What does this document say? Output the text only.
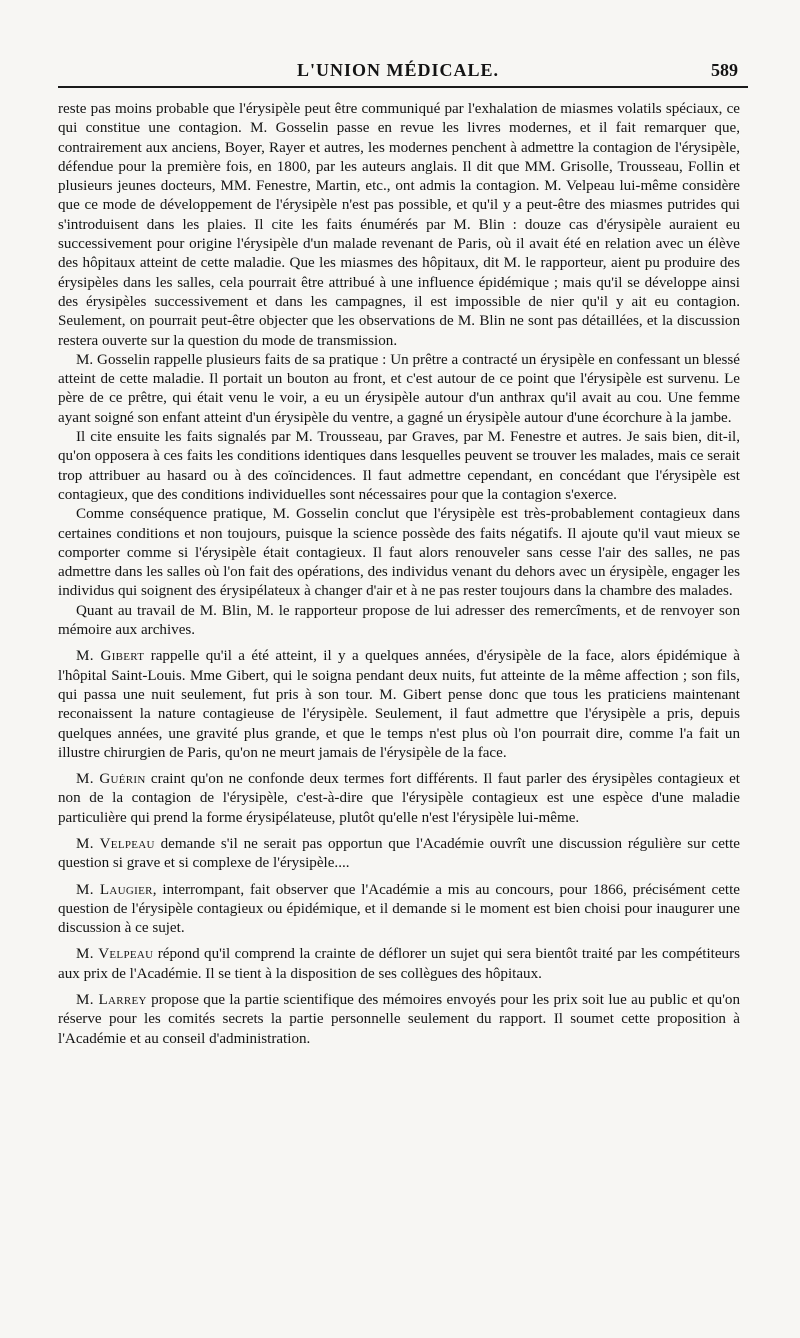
L'UNION MÉDICALE.	589

reste pas moins probable que l'érysipèle peut être communiqué par l'exhalation de miasmes volatils spéciaux, ce qui constitue une contagion. M. Gosselin passe en revue les livres modernes, et il fait remarquer que, contrairement aux anciens, Boyer, Rayer et autres, les modernes penchent à admettre la contagion de l'érysipèle, défendue pour la première fois, en 1800, par les auteurs anglais. Il dit que MM. Grisolle, Trousseau, Follin et plusieurs jeunes docteurs, MM. Fenestre, Martin, etc., ont admis la contagion. M. Velpeau lui-même considère que ce mode de développement de l'érysipèle n'est pas possible, et qu'il y a peut-être des miasmes putrides qui s'introduisent dans les plaies. Il cite les faits énumérés par M. Blin : douze cas d'érysipèle auraient eu successivement pour origine l'érysipèle d'un malade revenant de Paris, où il avait été en relation avec un élève des hôpitaux atteint de cette maladie. Que les miasmes des hôpitaux, dit M. le rapporteur, aient pu produire des érysipèles dans les salles, cela pourrait être attribué à une influence épidémique ; mais qu'il se développe ainsi des érysipèles successivement et dans les campagnes, il est impossible de nier qu'il y ait eu contagion. Seulement, on pourrait peut-être objecter que les observations de M. Blin ne sont pas détaillées, et la discussion restera ouverte sur la question du mode de transmission.

M. Gosselin rappelle plusieurs faits de sa pratique : Un prêtre a contracté un érysipèle en confessant un blessé atteint de cette maladie. Il portait un bouton au front, et c'est autour de ce point que l'érysipèle est survenu. Le père de ce prêtre, qui était venu le voir, a eu un érysipèle autour d'un anthrax qu'il avait au cou. Une femme ayant soigné son enfant atteint d'un érysipèle du ventre, a gagné un érysipèle autour d'une écorchure à la jambe.

Il cite ensuite les faits signalés par M. Trousseau, par Graves, par M. Fenestre et autres. Je sais bien, dit-il, qu'on opposera à ces faits les conditions identiques dans lesquelles peuvent se trouver les malades, mais ce serait trop attribuer au hasard ou à des coïncidences. Il faut admettre cependant, en concédant que l'érysipèle est contagieux, que des conditions individuelles sont nécessaires pour que la contagion s'exerce.

Comme conséquence pratique, M. Gosselin conclut que l'érysipèle est très-probablement contagieux dans certaines conditions et non toujours, puisque la science possède des faits négatifs. Il ajoute qu'il vaut mieux se comporter comme si l'érysipèle était contagieux. Il faut alors renouveler sans cesse l'air des salles, ne pas admettre dans les salles où l'on fait des opérations, des individus venant du dehors avec un érysipèle, engager les individus qui soignent des érysipélateux à changer d'air et à ne pas rester toujours dans la chambre des malades.

Quant au travail de M. Blin, M. le rapporteur propose de lui adresser des remercîments, et de renvoyer son mémoire aux archives.

M. Gibert rappelle qu'il a été atteint, il y a quelques années, d'érysipèle de la face, alors épidémique à l'hôpital Saint-Louis. Mme Gibert, qui le soigna pendant deux nuits, fut atteinte de la même affection ; son fils, qui passa une nuit seulement, fut pris à son tour. M. Gibert pense donc que tous les praticiens maintenant reconaissent la nature contagieuse de l'érysipèle. Seulement, il faut admettre que l'érysipèle a pris, depuis quelques années, une gravité plus grande, et que le temps n'est plus où l'on pourrait dire, comme l'a fait un illustre chirurgien de Paris, qu'on ne meurt jamais de l'érysipèle de la face.

M. Guérin craint qu'on ne confonde deux termes fort différents. Il faut parler des érysipèles contagieux et non de la contagion de l'érysipèle, c'est-à-dire que l'érysipèle contagieux est une espèce d'une maladie particulière qui prend la forme érysipélateuse, plutôt qu'elle n'est l'érysipèle lui-même.

M. Velpeau demande s'il ne serait pas opportun que l'Académie ouvrît une discussion régulière sur cette question si grave et si complexe de l'érysipèle....

M. Laugier, interrompant, fait observer que l'Académie a mis au concours, pour 1866, précisément cette question de l'érysipèle contagieux ou épidémique, et il demande si le moment est bien choisi pour inaugurer une discussion à ce sujet.

M. Velpeau répond qu'il comprend la crainte de déflorer un sujet qui sera bientôt traité par les compétiteurs aux prix de l'Académie. Il se tient à la disposition de ses collègues des hôpitaux.

M. Larrey propose que la partie scientifique des mémoires envoyés pour les prix soit lue au public et qu'on réserve pour les comités secrets la partie personnelle seulement du rapport. Il soumet cette proposition à l'Académie et au conseil d'administration.
